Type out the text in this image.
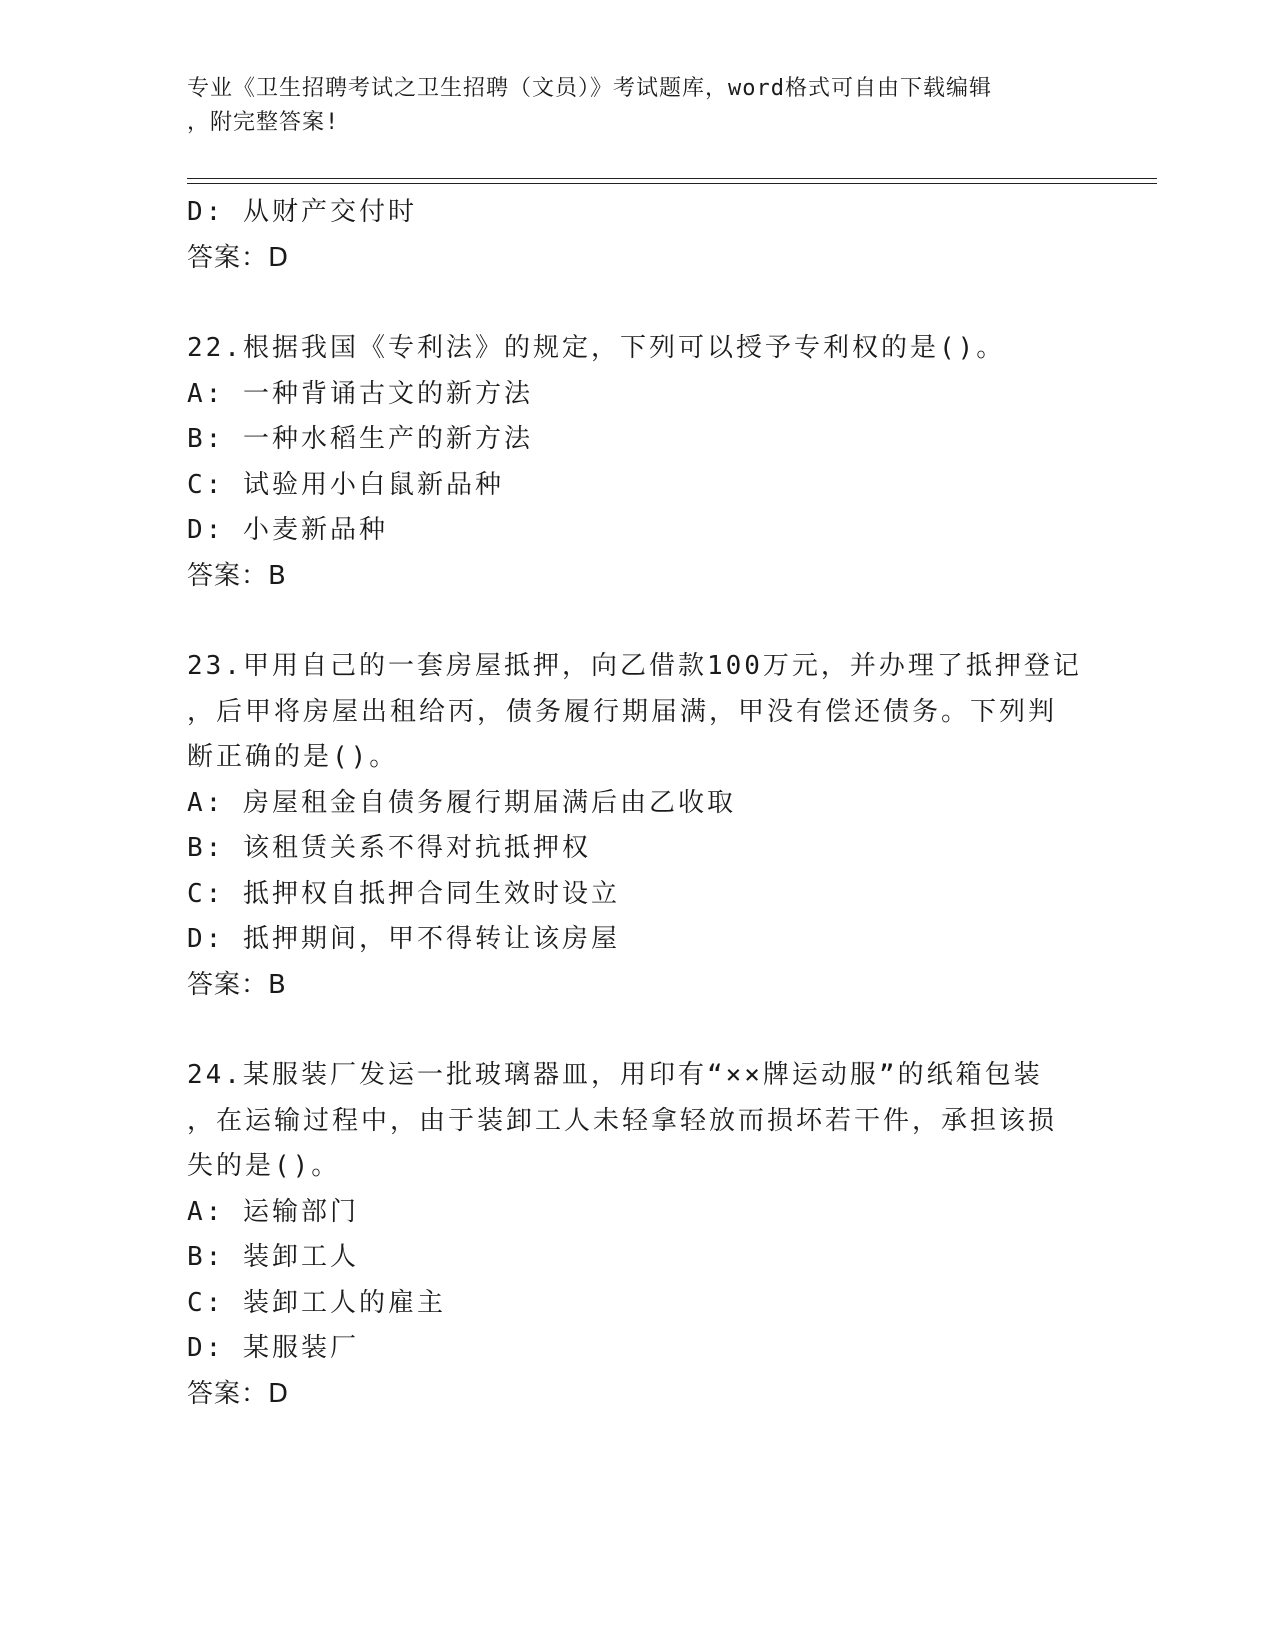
专业《卫生招聘考试之卫生招聘（文员）》考试题库，word格式可自由下载编辑
，附完整答案!
D: 从财产交付时
答案：D
22.根据我国《专利法》的规定，下列可以授予专利权的是()。
A: 一种背诵古文的新方法
B: 一种水稻生产的新方法
C: 试验用小白鼠新品种
D: 小麦新品种
答案：B
23.甲用自己的一套房屋抵押，向乙借款100万元，并办理了抵押登记
，后甲将房屋出租给丙，债务履行期届满，甲没有偿还债务。下列判
断正确的是()。
A: 房屋租金自债务履行期届满后由乙收取
B: 该租赁关系不得对抗抵押权
C: 抵押权自抵押合同生效时设立
D: 抵押期间，甲不得转让该房屋
答案：B
24.某服装厂发运一批玻璃器皿，用印有“××牌运动服”的纸箱包装
，在运输过程中，由于装卸工人未轻拿轻放而损坏若干件，承担该损
失的是()。
A: 运输部门
B: 装卸工人
C: 装卸工人的雇主
D: 某服装厂
答案：D
